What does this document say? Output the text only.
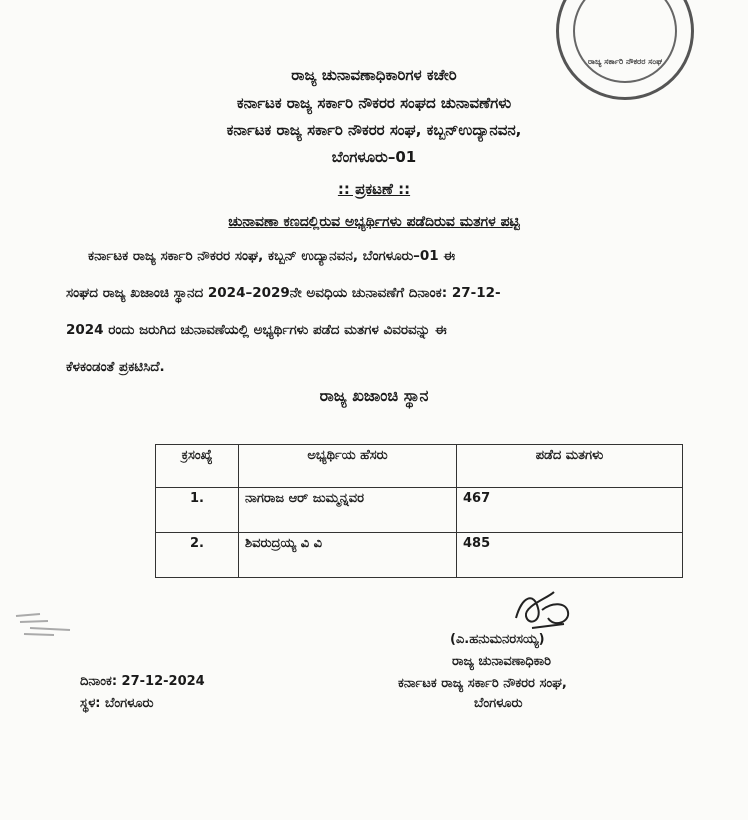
ರಾಜ್ಯ ಸರ್ಕಾರಿ ನೌಕರರ ಸಂಘ
ರಾಜ್ಯ ಚುನಾವಣಾಧಿಕಾರಿಗಳ ಕಚೇರಿ
ಕರ್ನಾಟಕ ರಾಜ್ಯ ಸರ್ಕಾರಿ ನೌಕರರ ಸಂಘದ ಚುನಾವಣೆಗಳು
ಕರ್ನಾಟಕ ರಾಜ್ಯ ಸರ್ಕಾರಿ ನೌಕರರ ಸಂಘ, ಕಬ್ಬನ್‌ಉದ್ಯಾನವನ,
ಬೆಂಗಳೂರು–01
:: ಪ್ರಕಟಣೆ ::
ಚುನಾವಣಾ ಕಣದಲ್ಲಿರುವ ಅಭ್ಯರ್ಥಿಗಳು ಪಡೆದಿರುವ ಮತಗಳ ಪಟ್ಟಿ
ಕರ್ನಾಟಕ ರಾಜ್ಯ ಸರ್ಕಾರಿ ನೌಕರರ ಸಂಘ, ಕಬ್ಬನ್ ಉದ್ಯಾನವನ, ಬೆಂಗಳೂರು–01 ಈ
ಸಂಘದ ರಾಜ್ಯ ಖಜಾಂಚಿ ಸ್ಥಾನದ 2024–2029ನೇ ಅವಧಿಯ ಚುನಾವಣೆಗೆ ದಿನಾಂಕ: 27-12-
2024 ರಂದು ಜರುಗಿದ ಚುನಾವಣೆಯಲ್ಲಿ ಅಭ್ಯರ್ಥಿಗಳು ಪಡೆದ ಮತಗಳ ವಿವರವನ್ನು ಈ
ಕೆಳಕಂಡಂತೆ ಪ್ರಕಟಿಸಿದೆ.
ರಾಜ್ಯ ಖಜಾಂಚಿ ಸ್ಥಾನ
ಕ್ರಸಂಖ್ಯೆ	ಅಭ್ಯರ್ಥಿಯ ಹೆಸರು	ಪಡೆದ ಮತಗಳು
1.	ನಾಗರಾಜ ಆರ್ ಜುಮ್ಮನ್ನವರ	467
2.	ಶಿವರುದ್ರಯ್ಯ ವಿ ವಿ	485
(ಎ.ಹನುಮನರಸಯ್ಯ)
ರಾಜ್ಯ ಚುನಾವಣಾಧಿಕಾರಿ
ಕರ್ನಾಟಕ ರಾಜ್ಯ ಸರ್ಕಾರಿ ನೌಕರರ ಸಂಘ,
ಬೆಂಗಳೂರು
ದಿನಾಂಕ: 27-12-2024
ಸ್ಥಳ: ಬೆಂಗಳೂರು
